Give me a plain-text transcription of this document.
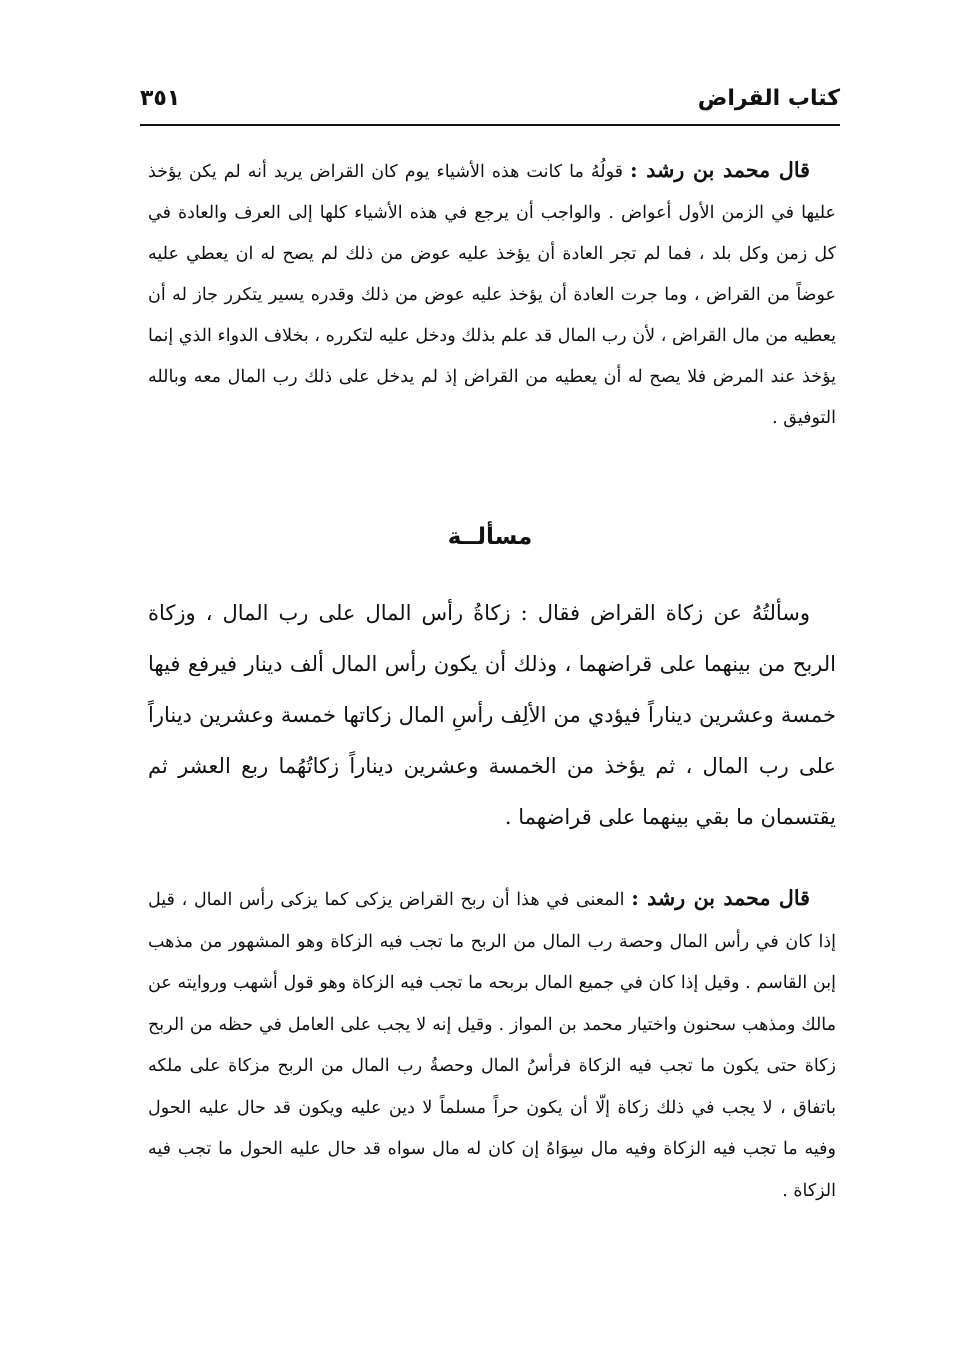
كتاب القراض
٣٥١

قال محمد بن رشد : قولُهُ ما كانت هذه الأشياء يوم كان القراض يريد أنه لم يكن يؤخذ عليها في الزمن الأول أعواض . والواجب أن يرجع في هذه الأشياء كلها إلى العرف والعادة في كل زمن وكل بلد ، فما لم تجر العادة أن يؤخذ عليه عوض من ذلك لم يصح له ان يعطي عليه عوضاً من القراض ، وما جرت العادة أن يؤخذ عليه عوض من ذلك وقدره يسير يتكرر جاز له أن يعطيه من مال القراض ، لأن رب المال قد علم بذلك ودخل عليه لتكرره ، بخلاف الدواء الذي إنما يؤخذ عند المرض فلا يصح له أن يعطيه من القراض إذ لم يدخل على ذلك رب المال معه وبالله التوفيق .

مسألــة

وسألتُهُ عن زكاة القراض فقال : زكاةُ رأس المال على رب المال ، وزكاة الربح من بينهما على قراضهما ، وذلك أن يكون رأس المال ألف دينار فيرفع فيها خمسة وعشرين ديناراً فيؤدي من الألِف رأسِ المال زكاتها خمسة وعشرين ديناراً على رب المال ، ثم يؤخذ من الخمسة وعشرين ديناراً زكاتُهُما ربع العشر ثم يقتسمان ما بقي بينهما على قراضهما .

قال محمد بن رشد : المعنى في هذا أن ربح القراض يزكى كما يزكى رأس المال ، قيل إذا كان في رأس المال وحصة رب المال من الربح ما تجب فيه الزكاة وهو المشهور من مذهب إبن القاسم . وقيل إذا كان في جميع المال بربحه ما تجب فيه الزكاة وهو قول أشهب وروايته عن مالك ومذهب سحنون واختيار محمد بن المواز . وقيل إنه لا يجب على العامل في حظه من الربح زكاة حتى يكون ما تجب فيه الزكاة فرأسُ المال وحصةُ رب المال من الربح مزكاة على ملكه باتفاق ، لا يجب في ذلك زكاة إلّا أن يكون حراً مسلماً لا دين عليه ويكون قد حال عليه الحول وفيه ما تجب فيه الزكاة وفيه مال سِوَاهُ إن كان له مال سواه قد حال عليه الحول ما تجب فيه الزكاة .
